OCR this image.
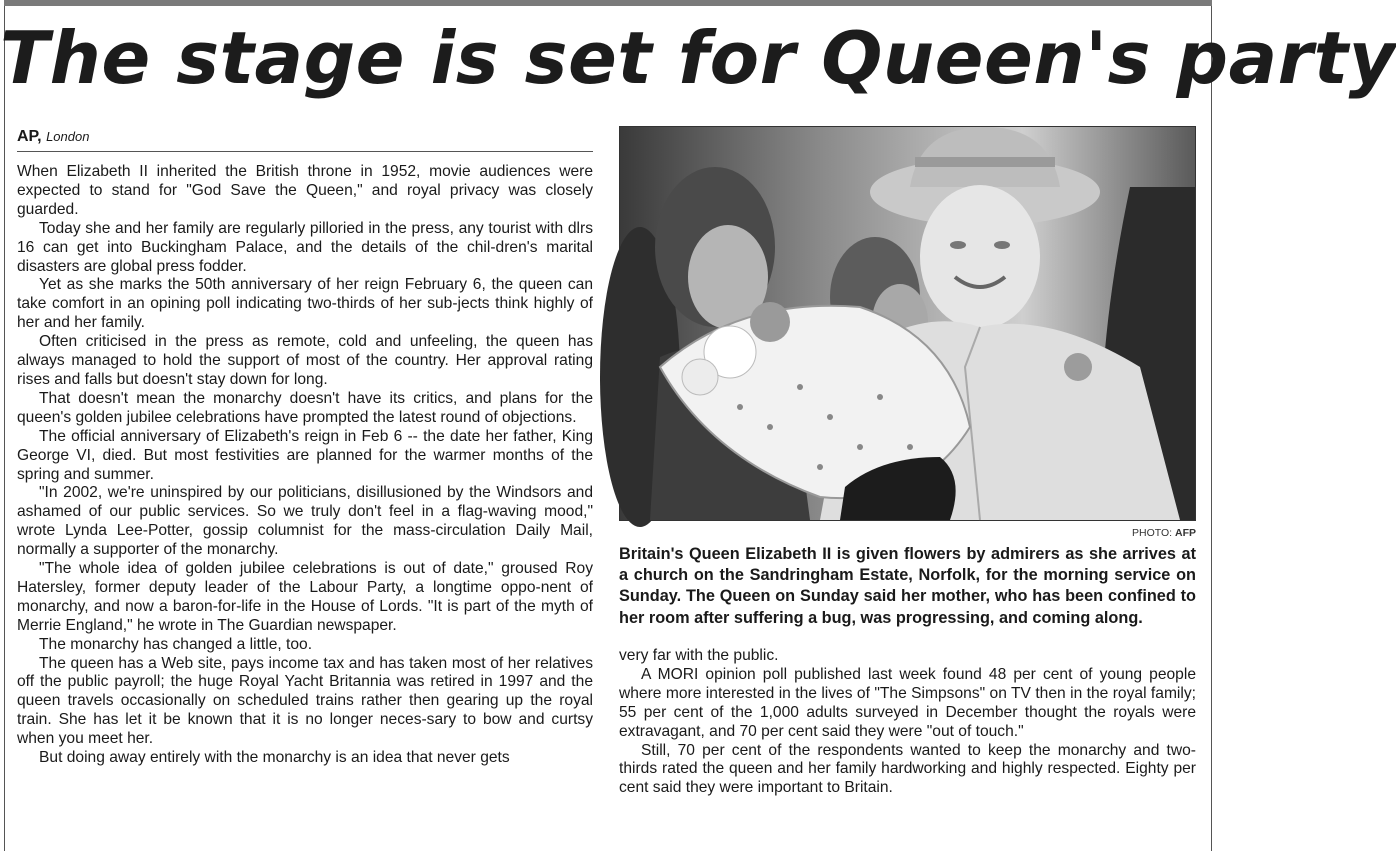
The stage is set for Queen's party
AP, London

When Elizabeth II inherited the British throne in 1952, movie audiences were expected to stand for "God Save the Queen," and royal privacy was closely guarded.

Today she and her family are regularly pilloried in the press, any tourist with dlrs 16 can get into Buckingham Palace, and the details of the chil-dren's marital disasters are global press fodder.

Yet as she marks the 50th anniversary of her reign February 6, the queen can take comfort in an opining poll indicating two-thirds of her sub-jects think highly of her and her family.

Often criticised in the press as remote, cold and unfeeling, the queen has always managed to hold the support of most of the country. Her approval rating rises and falls but doesn't stay down for long.

That doesn't mean the monarchy doesn't have its critics, and plans for the queen's golden jubilee celebrations have prompted the latest round of objections.

The official anniversary of Elizabeth's reign in Feb 6 -- the date her father, King George VI, died. But most festivities are planned for the warmer months of the spring and summer.

"In 2002, we're uninspired by our politicians, disillusioned by the Windsors and ashamed of our public services. So we truly don't feel in a flag-waving mood," wrote Lynda Lee-Potter, gossip columnist for the mass-circulation Daily Mail, normally a supporter of the monarchy.

"The whole idea of golden jubilee celebrations is out of date," groused Roy Hatersley, former deputy leader of the Labour Party, a longtime oppo-nent of monarchy, and now a baron-for-life in the House of Lords. "It is part of the myth of Merrie England," he wrote in The Guardian newspaper.

The monarchy has changed a little, too.

The queen has a Web site, pays income tax and has taken most of her relatives off the public payroll; the huge Royal Yacht Britannia was retired in 1997 and the queen travels occasionally on scheduled trains rather then gearing up the royal train. She has let it be known that it is no longer neces-sary to bow and curtsy when you meet her.

But doing away entirely with the monarchy is an idea that never gets

PHOTO: AFP
Britain's Queen Elizabeth II is given flowers by admirers as she arrives at a church on the Sandringham Estate, Norfolk, for the morning service on Sunday. The Queen on Sunday said her mother, who has been confined to her room after suffering a bug, was progressing, and coming along.

very far with the public.

A MORI opinion poll published last week found 48 per cent of young people where more interested in the lives of "The Simpsons" on TV then in the royal family; 55 per cent of the 1,000 adults surveyed in December thought the royals were extravagant, and 70 per cent said they were "out of touch."

Still, 70 per cent of the respondents wanted to keep the monarchy and two-thirds rated the queen and her family hardworking and highly respected. Eighty per cent said they were important to Britain.
